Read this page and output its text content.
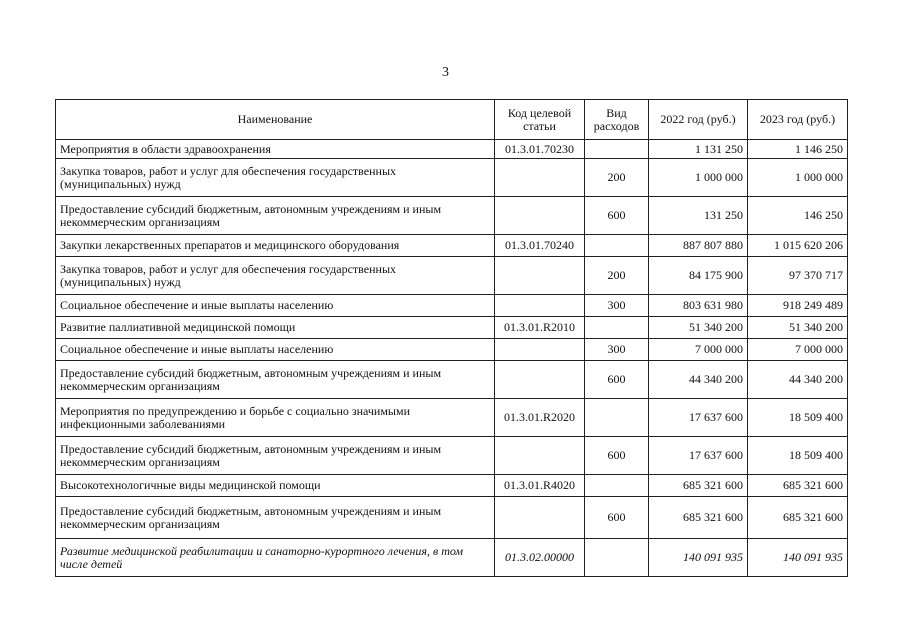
3
Наименование	Код целевой статьи	Вид расходов	2022 год (руб.)	2023 год (руб.)
Мероприятия в области здравоохранения	01.3.01.70230		1 131 250	1 146 250
Закупка товаров, работ и услуг для обеспечения государственных (муниципальных) нужд		200	1 000 000	1 000 000
Предоставление субсидий бюджетным, автономным учреждениям и иным некоммерческим организациям		600	131 250	146 250
Закупки лекарственных препаратов и медицинского оборудования	01.3.01.70240		887 807 880	1 015 620 206
Закупка товаров, работ и услуг для обеспечения государственных (муниципальных) нужд		200	84 175 900	97 370 717
Социальное обеспечение и иные выплаты населению		300	803 631 980	918 249 489
Развитие паллиативной медицинской помощи	01.3.01.R2010		51 340 200	51 340 200
Социальное обеспечение и иные выплаты населению		300	7 000 000	7 000 000
Предоставление субсидий бюджетным, автономным учреждениям и иным некоммерческим организациям		600	44 340 200	44 340 200
Мероприятия по предупреждению и борьбе с социально значимыми инфекционными заболеваниями	01.3.01.R2020		17 637 600	18 509 400
Предоставление субсидий бюджетным, автономным учреждениям и иным некоммерческим организациям		600	17 637 600	18 509 400
Высокотехнологичные виды медицинской помощи	01.3.01.R4020		685 321 600	685 321 600
Предоставление субсидий бюджетным, автономным учреждениям и иным некоммерческим организациям		600	685 321 600	685 321 600
Развитие медицинской реабилитации и санаторно-курортного лечения, в том числе детей	01.3.02.00000		140 091 935	140 091 935
